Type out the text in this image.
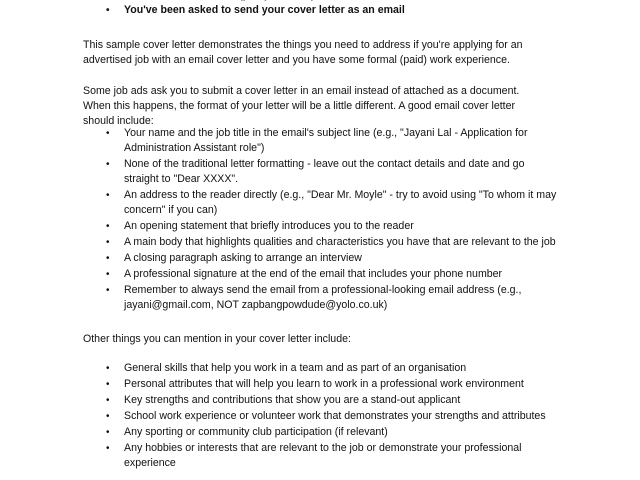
• You've been asked to send your cover letter as an email

This sample cover letter demonstrates the things you need to address if you're applying for an advertised job with an email cover letter and you have some formal (paid) work experience.

Some job ads ask you to submit a cover letter in an email instead of attached as a document. When this happens, the format of your letter will be a little different. A good email cover letter should include:

• Your name and the job title in the email's subject line (e.g., "Jayani Lal - Application for Administration Assistant role")
• None of the traditional letter formatting - leave out the contact details and date and go straight to "Dear XXXX".
• An address to the reader directly (e.g., "Dear Mr. Moyle" - try to avoid using "To whom it may concern" if you can)
• An opening statement that briefly introduces you to the reader
• A main body that highlights qualities and characteristics you have that are relevant to the job
• A closing paragraph asking to arrange an interview
• A professional signature at the end of the email that includes your phone number
• Remember to always send the email from a professional-looking email address (e.g., jayani@gmail.com, NOT zapbangpowdude@yolo.co.uk)

Other things you can mention in your cover letter include:

• General skills that help you work in a team and as part of an organisation
• Personal attributes that will help you learn to work in a professional work environment
• Key strengths and contributions that show you are a stand-out applicant
• School work experience or volunteer work that demonstrates your strengths and attributes
• Any sporting or community club participation (if relevant)
• Any hobbies or interests that are relevant to the job or demonstrate your professional experience
